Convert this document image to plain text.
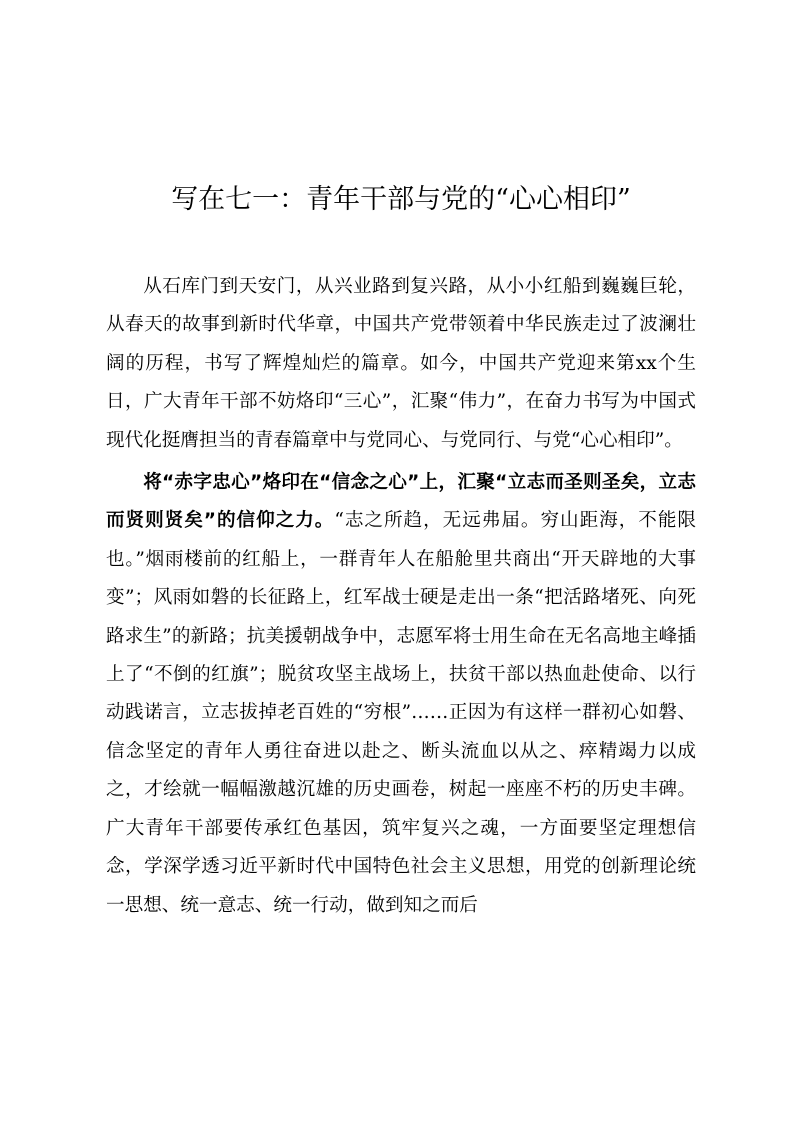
写在七一：青年干部与党的“心心相印”

从石库门到天安门，从兴业路到复兴路，从小小红船到巍巍巨轮，从春天的故事到新时代华章，中国共产党带领着中华民族走过了波澜壮阔的历程，书写了辉煌灿烂的篇章。如今，中国共产党迎来第xx个生日，广大青年干部不妨烙印“三心”，汇聚“伟力”，在奋力书写为中国式现代化挺膺担当的青春篇章中与党同心、与党同行、与党“心心相印”。

将“赤字忠心”烙印在“信念之心”上，汇聚“立志而圣则圣矣，立志而贤则贤矣”的信仰之力。“志之所趋，无远弗届。穷山距海，不能限也。”烟雨楼前的红船上，一群青年人在船舱里共商出“开天辟地的大事变”；风雨如磐的长征路上，红军战士硬是走出一条“把活路堵死、向死路求生”的新路；抗美援朝战争中，志愿军将士用生命在无名高地主峰插上了“不倒的红旗”；脱贫攻坚主战场上，扶贫干部以热血赴使命、以行动践诺言，立志拔掉老百姓的“穷根”……正因为有这样一群初心如磐、信念坚定的青年人勇往奋进以赴之、断头流血以从之、瘁精竭力以成之，才绘就一幅幅激越沉雄的历史画卷，树起一座座不朽的历史丰碑。广大青年干部要传承红色基因，筑牢复兴之魂，一方面要坚定理想信念，学深学透习近平新时代中国特色社会主义思想，用党的创新理论统一思想、统一意志、统一行动，做到知之而后
